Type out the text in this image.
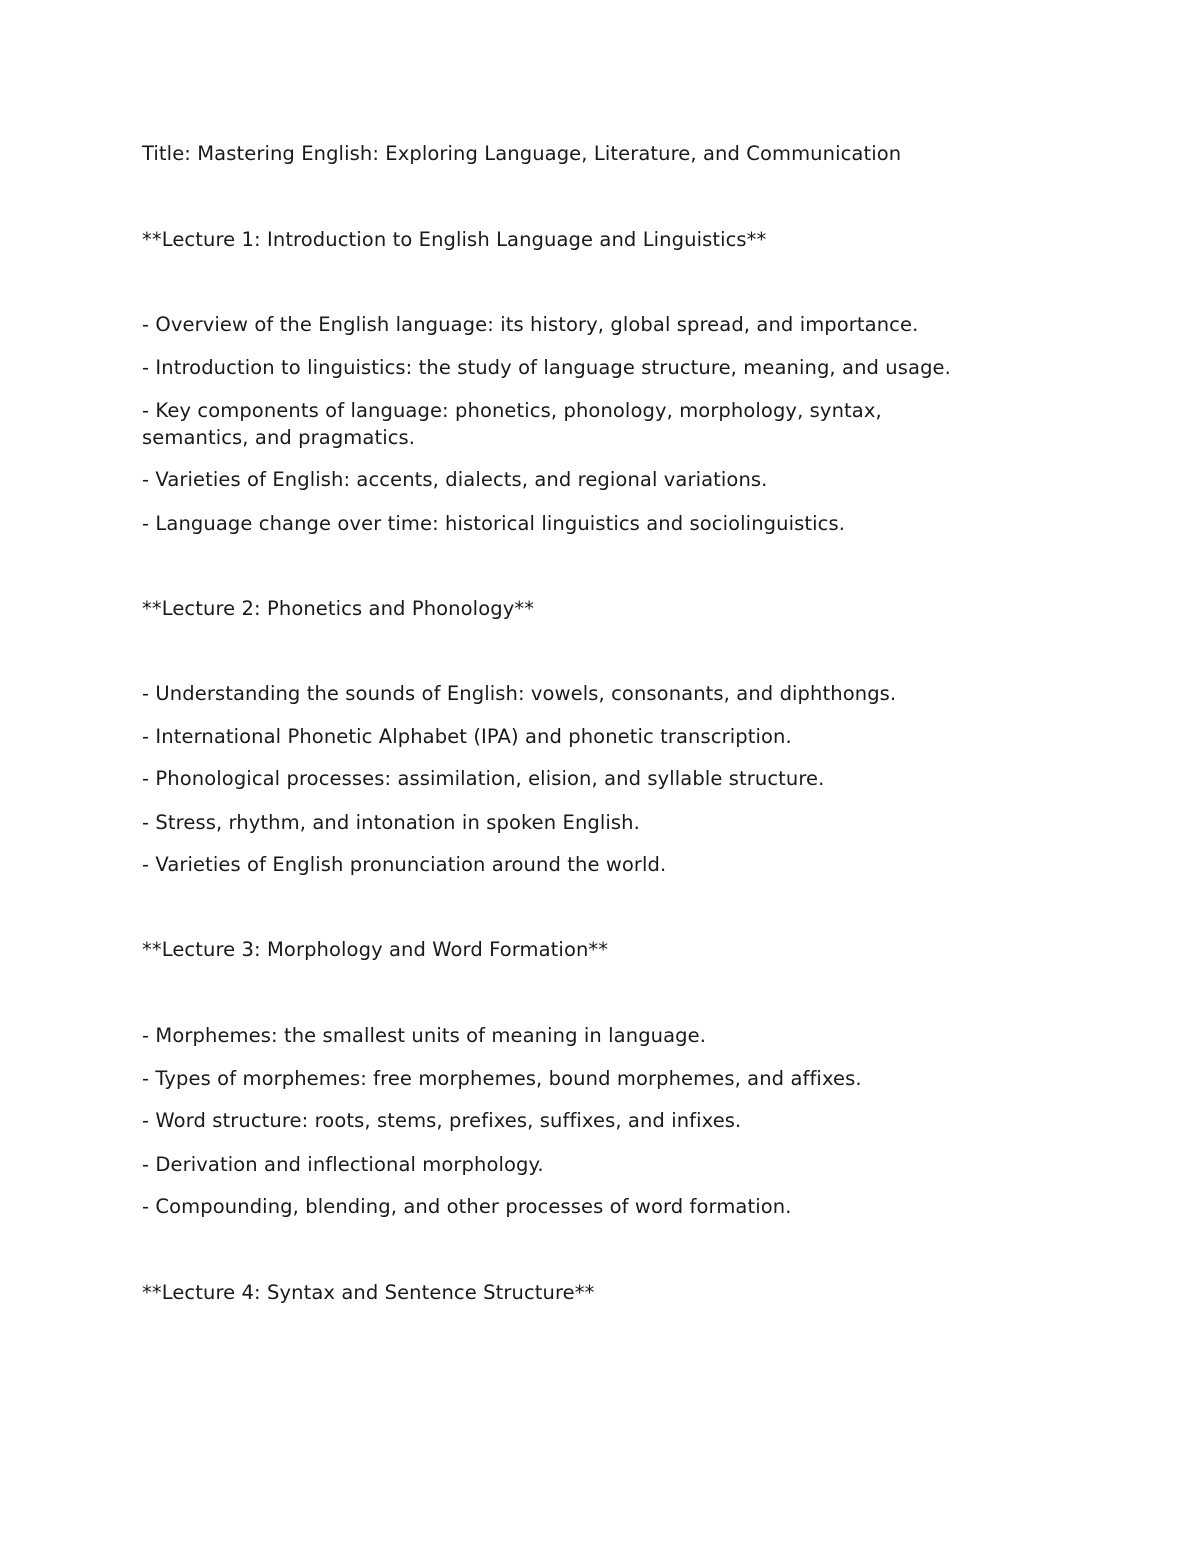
Title: Mastering English: Exploring Language, Literature, and Communication
**Lecture 1: Introduction to English Language and Linguistics**
- Overview of the English language: its history, global spread, and importance.
- Introduction to linguistics: the study of language structure, meaning, and usage.
- Key components of language: phonetics, phonology, morphology, syntax,
semantics, and pragmatics.
- Varieties of English: accents, dialects, and regional variations.
- Language change over time: historical linguistics and sociolinguistics.
**Lecture 2: Phonetics and Phonology**
- Understanding the sounds of English: vowels, consonants, and diphthongs.
- International Phonetic Alphabet (IPA) and phonetic transcription.
- Phonological processes: assimilation, elision, and syllable structure.
- Stress, rhythm, and intonation in spoken English.
- Varieties of English pronunciation around the world.
**Lecture 3: Morphology and Word Formation**
- Morphemes: the smallest units of meaning in language.
- Types of morphemes: free morphemes, bound morphemes, and affixes.
- Word structure: roots, stems, prefixes, suffixes, and infixes.
- Derivation and inflectional morphology.
- Compounding, blending, and other processes of word formation.
**Lecture 4: Syntax and Sentence Structure**
